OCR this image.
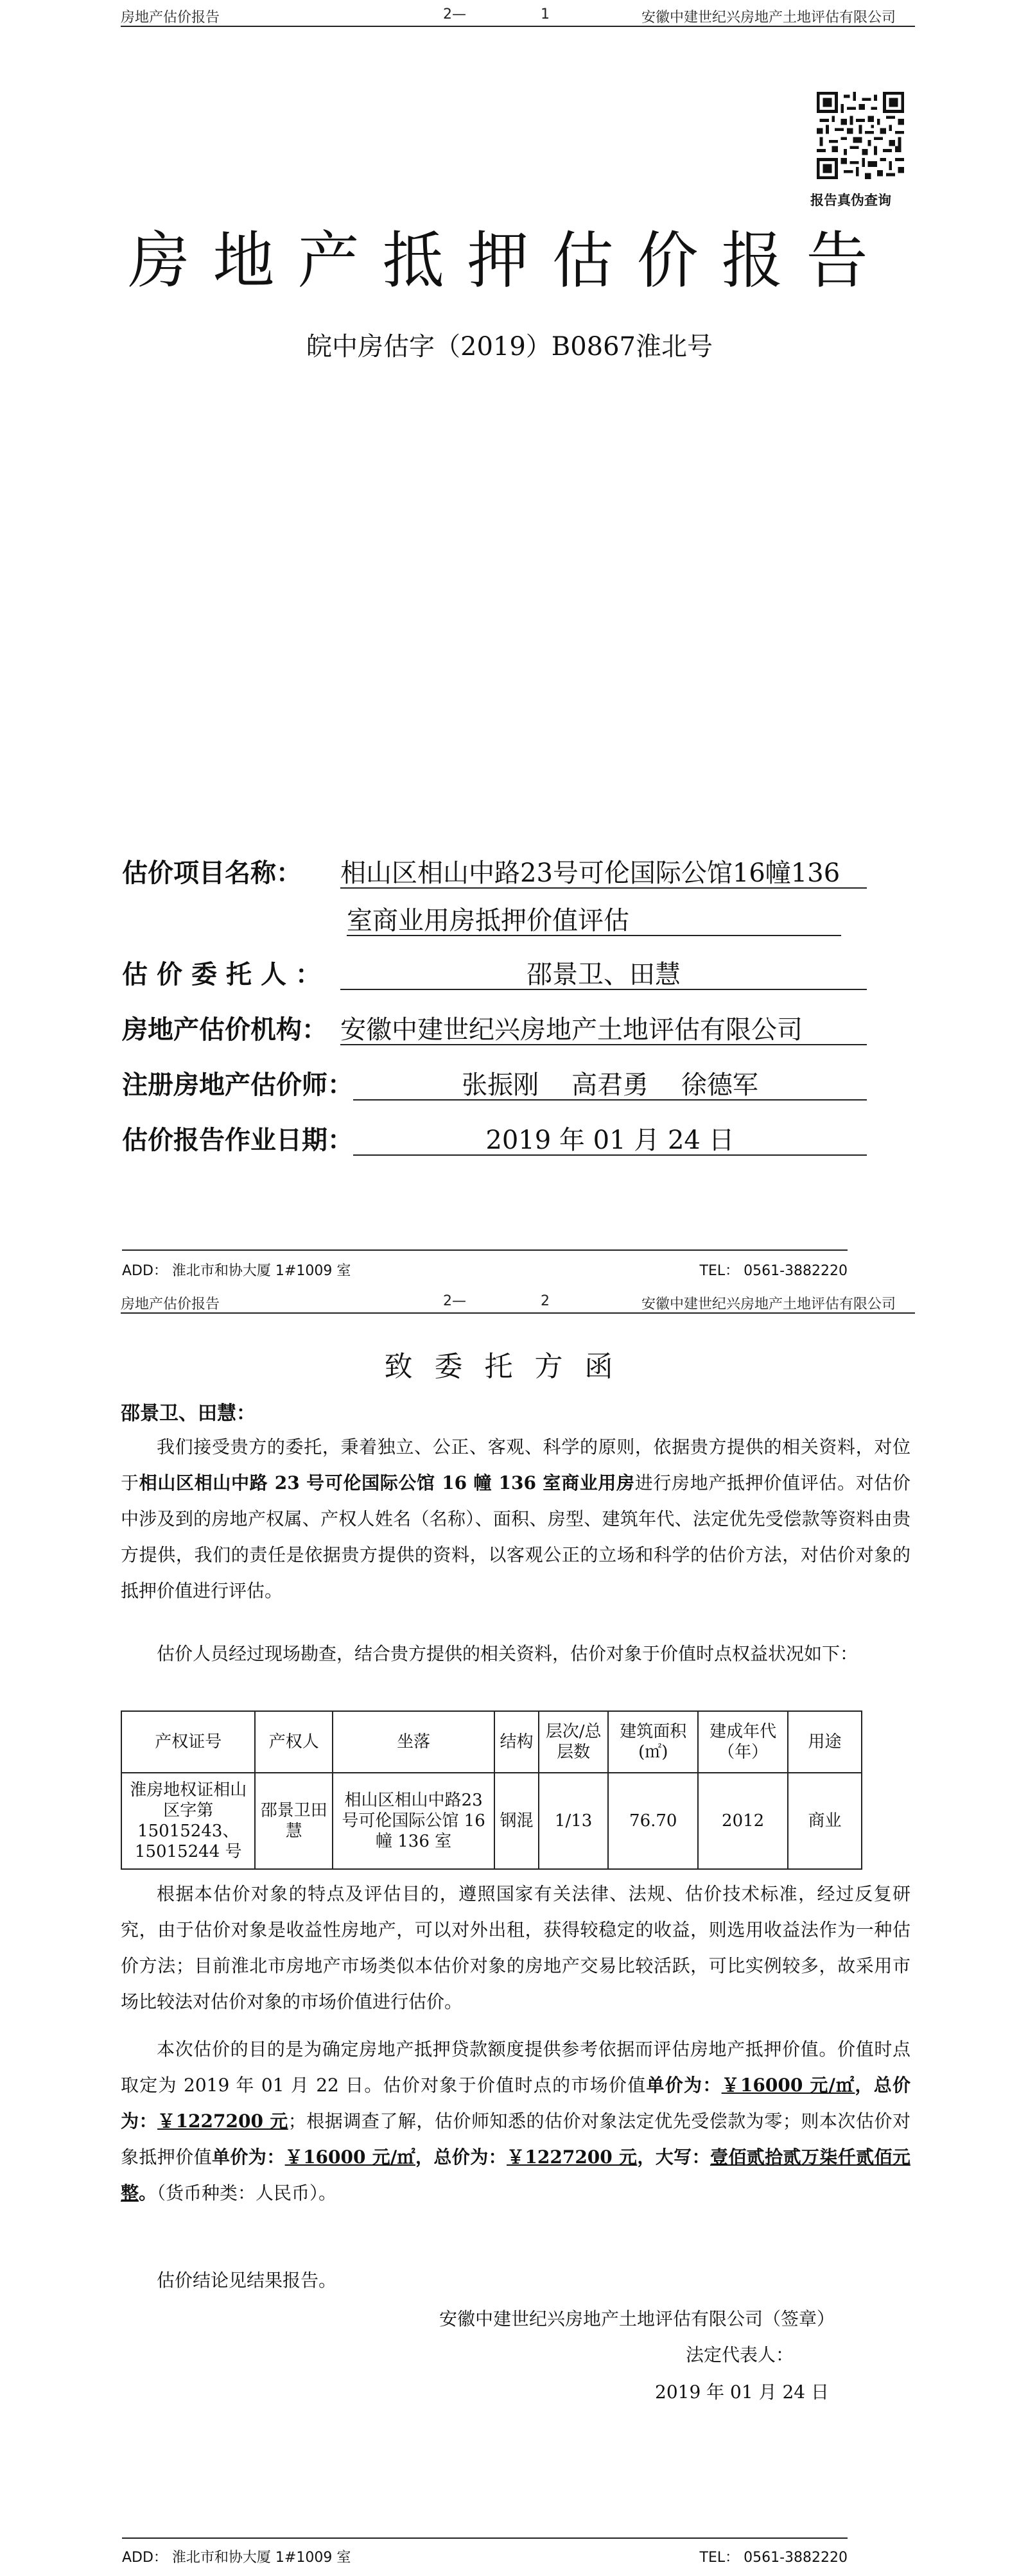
房地产估价报告	2—	1	安徽中建世纪兴房地产土地评估有限公司
报告真伪查询
房地产抵押估价报告
皖中房估字（2019）B0867淮北号
估价项目名称： 相山区相山中路23号可伦国际公馆16幢136
室商业用房抵押价值评估
估价委托人：	邵景卫、田慧
房地产估价机构： 安徽中建世纪兴房地产土地评估有限公司
注册房地产估价师：	张振刚    高君勇    徐德军
估价报告作业日期：	2019 年 01 月 24 日
ADD： 淮北市和协大厦 1#1009 室	TEL： 0561-3882220
房地产估价报告	2—	2	安徽中建世纪兴房地产土地评估有限公司
致委托方函
邵景卫、田慧：
我们接受贵方的委托，秉着独立、公正、客观、科学的原则，依据贵方提供的相关资料，对位于相山区相山中路 23 号可伦国际公馆 16 幢 136 室商业用房进行房地产抵押价值评估。对估价中涉及到的房地产权属、产权人姓名（名称）、面积、房型、建筑年代、法定优先受偿款等资料由贵方提供，我们的责任是依据贵方提供的资料，以客观公正的立场和科学的估价方法，对估价对象的抵押价值进行评估。
估价人员经过现场勘查，结合贵方提供的相关资料，估价对象于价值时点权益状况如下：
产权证号	产权人	坐落	结构	层次/总层数	建筑面积(㎡)	建成年代（年）	用途
淮房地权证相山区字第15015243、15015244 号	邵景卫田慧	相山区相山中路23 号可伦国际公馆 16 幢 136 室	钢混	1/13	76.70	2012	商业
根据本估价对象的特点及评估目的，遵照国家有关法律、法规、估价技术标准，经过反复研究，由于估价对象是收益性房地产，可以对外出租，获得较稳定的收益，则选用收益法作为一种估价方法；目前淮北市房地产市场类似本估价对象的房地产交易比较活跃，可比实例较多，故采用市场比较法对估价对象的市场价值进行估价。
本次估价的目的是为确定房地产抵押贷款额度提供参考依据而评估房地产抵押价值。价值时点取定为 2019 年 01 月 22 日。估价对象于价值时点的市场价值单价为：￥16000 元/㎡，总价为：￥1227200 元；根据调查了解，估价师知悉的估价对象法定优先受偿款为零；则本次估价对象抵押价值单价为：￥16000 元/㎡，总价为：￥1227200 元，大写：壹佰贰拾贰万柒仟贰佰元整。（货币种类：人民币）。
估价结论见结果报告。
安徽中建世纪兴房地产土地评估有限公司（签章）
法定代表人：
2019 年 01 月 24 日
ADD： 淮北市和协大厦 1#1009 室	TEL： 0561-3882220
